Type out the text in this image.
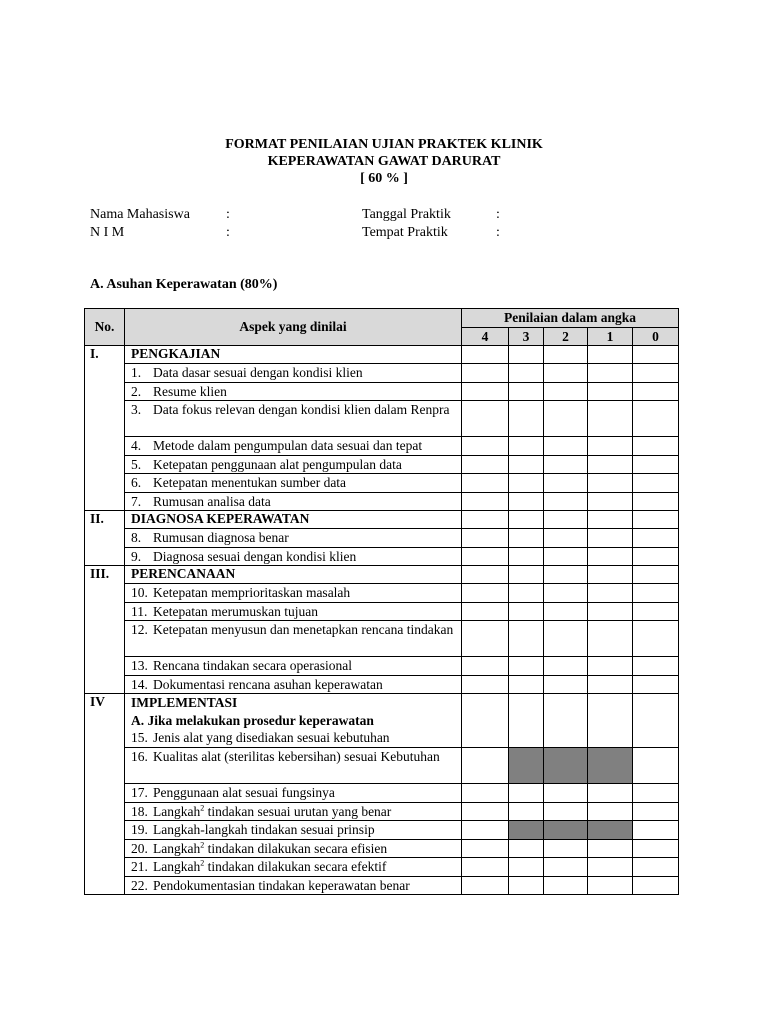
FORMAT PENILAIAN UJIAN PRAKTEK KLINIK
KEPERAWATAN GAWAT DARURAT
[ 60 % ]
Nama Mahasiswa	:	Tanggal Praktik	:
N I M	:	Tempat Praktik	:
A. Asuhan Keperawatan (80%)
No.	Aspek yang dinilai	Penilaian dalam angka				
		4	3	2	1	0
I.	PENGKAJIAN					

	1. Data dasar sesuai dengan kondisi klien					

	2. Resume klien					

	3. Data fokus relevan dengan kondisi klien dalam Renpra					

	4. Metode dalam pengumpulan data sesuai dan tepat					

	5. Ketepatan penggunaan alat pengumpulan data					

	6. Ketepatan menentukan sumber data					

	7. Rumusan analisa data					

II.	DIAGNOSA KEPERAWATAN					

	8. Rumusan diagnosa benar					

	9. Diagnosa sesuai dengan kondisi klien					

III.	PERENCANAAN					

	10. Ketepatan memprioritaskan masalah					

	11. Ketepatan merumuskan tujuan					

	12. Ketepatan menyusun dan menetapkan rencana tindakan					

	13. Rencana tindakan secara operasional					

	14. Dokumentasi rencana asuhan keperawatan					

IV	IMPLEMENTASI
A. Jika melakukan prosedur keperawatan
15. Jenis alat yang disediakan sesuai kebutuhan					

	16. Kualitas alat (sterilitas kebersihan) sesuai Kebutuhan					

	17. Penggunaan alat sesuai fungsinya					

	18. Langkah$^2$ tindakan sesuai urutan yang benar					

	19. Langkah-langkah tindakan sesuai prinsip					

	20. Langkah$^2$ tindakan dilakukan secara efisien					

	21. Langkah$^2$ tindakan dilakukan secara efektif					

	22. Pendokumentasian tindakan keperawatan benar					
